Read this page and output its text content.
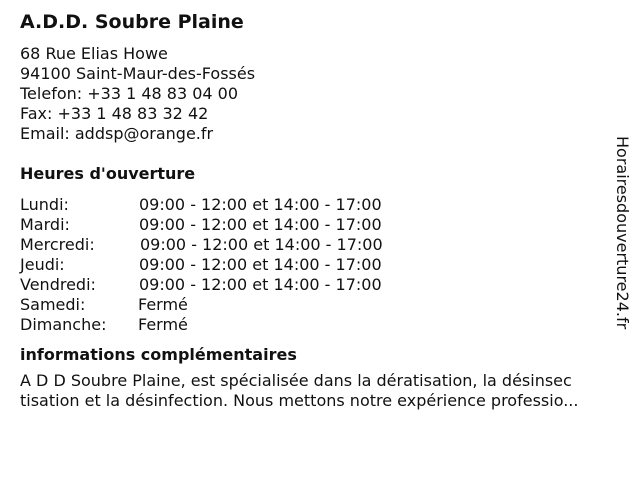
A.D.D. Soubre Plaine
68 Rue Elias Howe
94100 Saint-Maur-des-Fossés
Telefon: +33 1 48 83 04 00
Fax: +33 1 48 83 32 42
Email: addsp@orange.fr
Heures d'ouverture
Lundi:	09:00 - 12:00 et 14:00 - 17:00
Mardi:	09:00 - 12:00 et 14:00 - 17:00
Mercredi:	09:00 - 12:00 et 14:00 - 17:00
Jeudi:	09:00 - 12:00 et 14:00 - 17:00
Vendredi:	09:00 - 12:00 et 14:00 - 17:00
Samedi:	Fermé
Dimanche: Fermé
informations complémentaires
A D D Soubre Plaine, est spécialisée dans la dératisation, la désinsec
tisation et la désinfection. Nous mettons notre expérience professio...
Horairesdouverture24.fr
